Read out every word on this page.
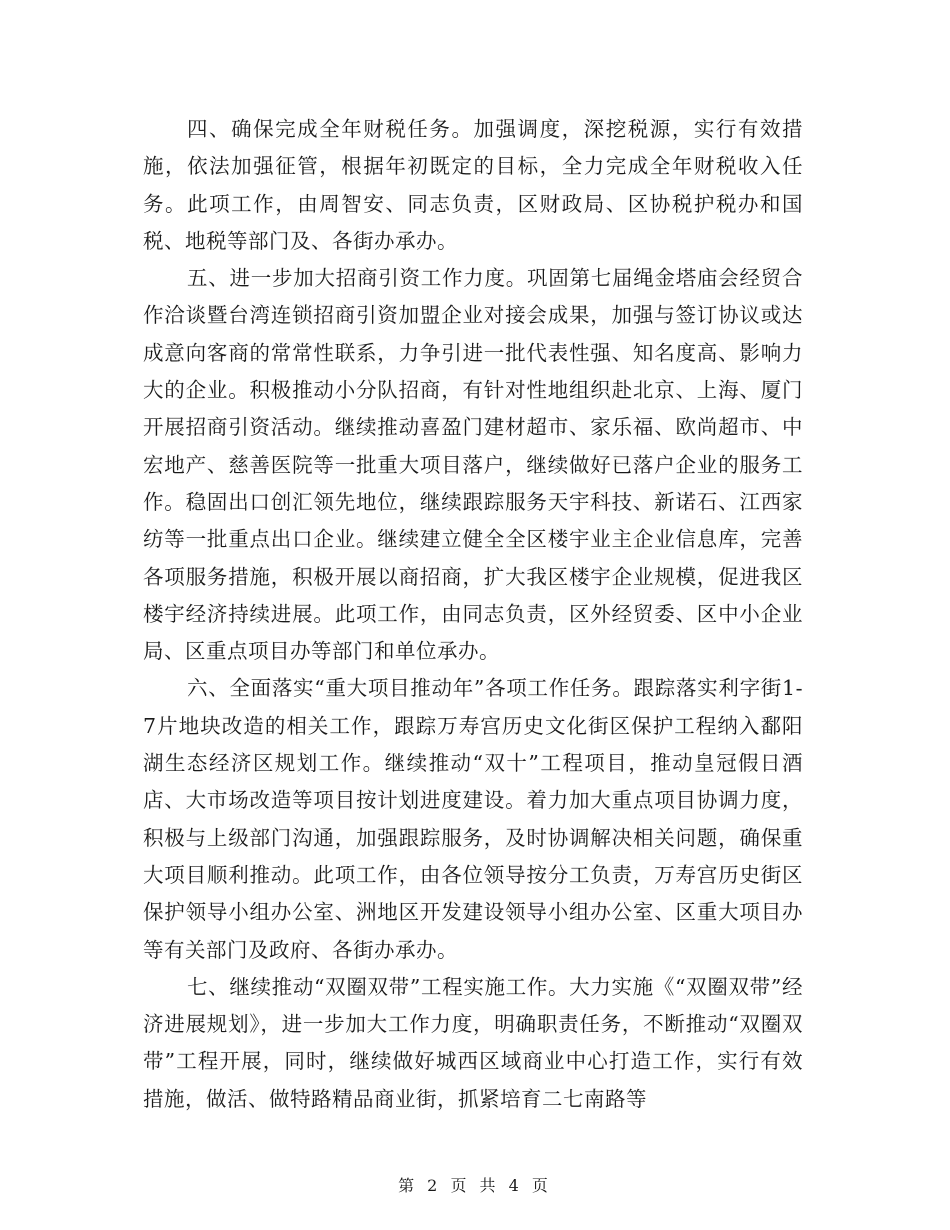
四、确保完成全年财税任务。加强调度，深挖税源，实行有效措施，依法加强征管，根据年初既定的目标，全力完成全年财税收入任务。此项工作，由周智安、同志负责，区财政局、区协税护税办和国税、地税等部门及、各街办承办。

五、进一步加大招商引资工作力度。巩固第七届绳金塔庙会经贸合作洽谈暨台湾连锁招商引资加盟企业对接会成果，加强与签订协议或达成意向客商的常常性联系，力争引进一批代表性强、知名度高、影响力大的企业。积极推动小分队招商，有针对性地组织赴北京、上海、厦门开展招商引资活动。继续推动喜盈门建材超市、家乐福、欧尚超市、中宏地产、慈善医院等一批重大项目落户，继续做好已落户企业的服务工作。稳固出口创汇领先地位，继续跟踪服务天宇科技、新诺石、江西家纺等一批重点出口企业。继续建立健全全区楼宇业主企业信息库，完善各项服务措施，积极开展以商招商，扩大我区楼宇企业规模，促进我区楼宇经济持续进展。此项工作，由同志负责，区外经贸委、区中小企业局、区重点项目办等部门和单位承办。

六、全面落实“重大项目推动年”各项工作任务。跟踪落实利字街1-7片地块改造的相关工作，跟踪万寿宫历史文化街区保护工程纳入鄱阳湖生态经济区规划工作。继续推动“双十”工程项目，推动皇冠假日酒店、大市场改造等项目按计划进度建设。着力加大重点项目协调力度，积极与上级部门沟通，加强跟踪服务，及时协调解决相关问题，确保重大项目顺利推动。此项工作，由各位领导按分工负责，万寿宫历史街区保护领导小组办公室、洲地区开发建设领导小组办公室、区重大项目办等有关部门及政府、各街办承办。

七、继续推动“双圈双带”工程实施工作。大力实施《“双圈双带”经济进展规划》，进一步加大工作力度，明确职责任务，不断推动“双圈双带”工程开展，同时，继续做好城西区域商业中心打造工作，实行有效措施，做活、做特路精品商业街，抓紧培育二七南路等

第 2 页 共 4 页
